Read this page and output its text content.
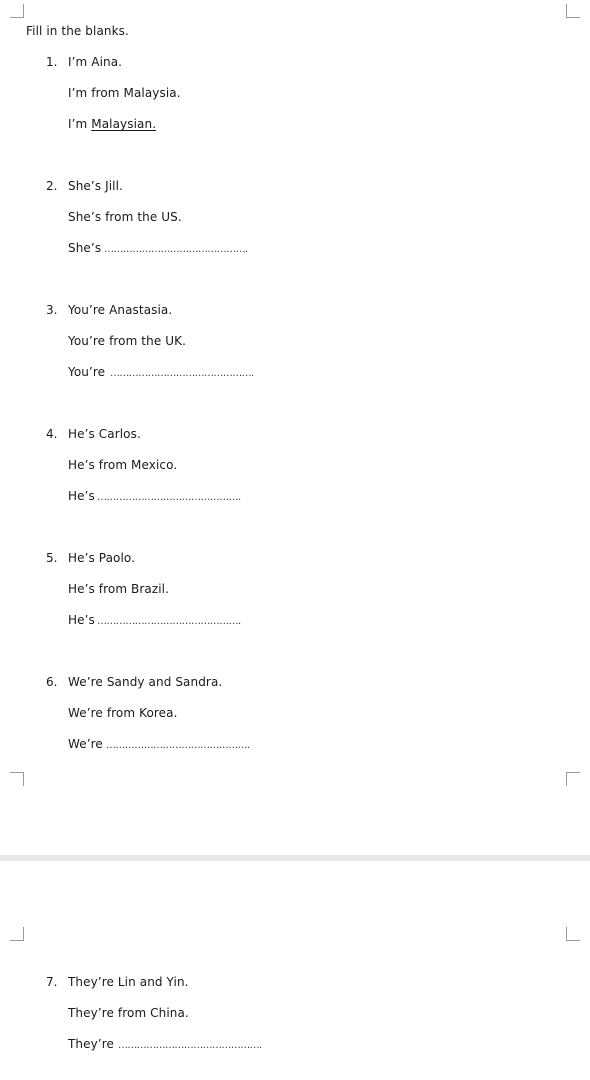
Fill in the blanks.
1. I’m Aina.
I’m from Malaysia.
I’m Malaysian.
2. She’s Jill.
She’s from the US.
She’s ……………………………………….
3. You’re Anastasia.
You’re from the UK.
You’re ……………………………………….
4. He’s Carlos.
He’s from Mexico.
He’s ……………………………………….
5. He’s Paolo.
He’s from Brazil.
He’s ……………………………………….
6. We’re Sandy and Sandra.
We’re from Korea.
We’re ……………………………………….
7. They’re Lin and Yin.
They’re from China.
They’re ……………………………………….
